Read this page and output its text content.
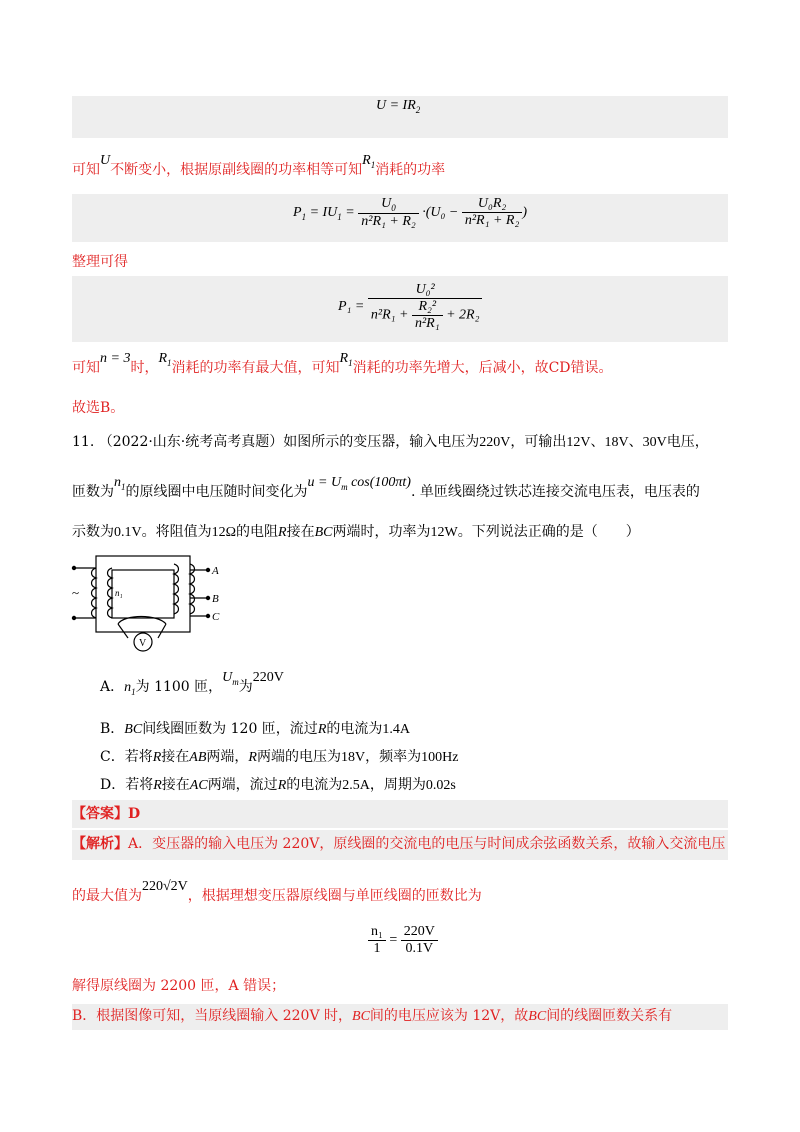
$U = IR_2$
可知U不断变小，根据原副线圈的功率相等可知$R_1$消耗的功率
$P_1 = IU_1 = \frac{U_0}{\text{n²R₁ + R₂}} \cdot(U_0 - \frac{\text{U₀R₂}}{\text{n²R₁ + R₂}}$ )
整理可得
$P_1 = \frac{\text{U₀²}}{n^2R_1 + \frac{\text{R₂²}}{\text{n²R₁}} + 2R_2}$
可知n = 3时，$R_1$消耗的功率有最大值，可知$R_1$消耗的功率先增大，后减小，故CD错误。
故选B。
11. （2022·山东·统考高考真题）如图所示的变压器，输入电压为220V，可输出12V、18V、30V电压，
匝数为$n_1$的原线圈中电压随时间变化为$u = U_m$ cos(100πt). 单匝线圈绕过铁芯连接交流电压表，电压表的
示数为0.1V。将阻值为12Ω的电阻R接在BC两端时，功率为12W。下列说法正确的是（　　）
A
B
C
V
n₁
~
A．$n_1$为 1100 匝，$U_m$为220V
B．BC间线圈匝数为 120 匝，流过R的电流为1.4A
C．若将R接在AB两端，R两端的电压为18V，频率为100Hz
D．若将R接在AC两端，流过R的电流为2.5A，周期为0.02s
【答案】D
【解析】A．变压器的输入电压为 220V，原线圈的交流电的电压与时间成余弦函数关系，故输入交流电压
的最大值为220√2V，根据理想变压器原线圈与单匝线圈的匝数比为
$\frac{\text{n₁}}{1} = \frac{220V}{0.1V}$
解得原线圈为 2200 匝，A 错误；
B．根据图像可知，当原线圈输入 220V 时，BC间的电压应该为 12V，故BC间的线圈匝数关系有
